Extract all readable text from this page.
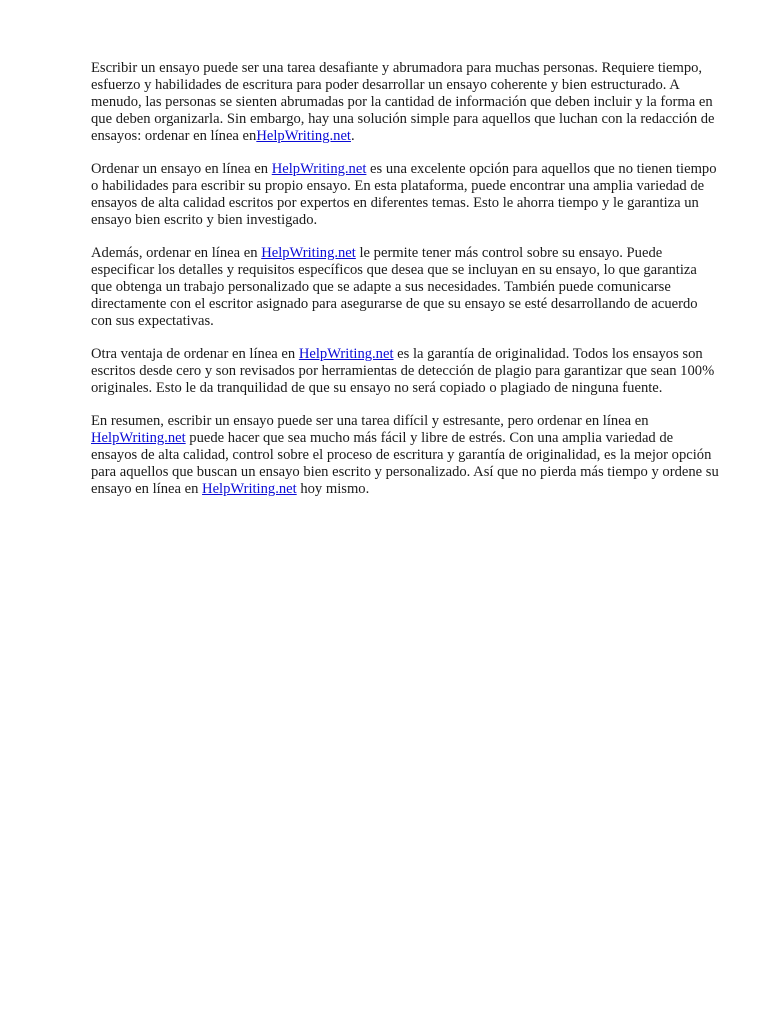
Escribir un ensayo puede ser una tarea desafiante y abrumadora para muchas personas. Requiere tiempo, esfuerzo y habilidades de escritura para poder desarrollar un ensayo coherente y bien estructurado. A menudo, las personas se sienten abrumadas por la cantidad de información que deben incluir y la forma en que deben organizarla. Sin embargo, hay una solución simple para aquellos que luchan con la redacción de ensayos: ordenar en línea enHelpWriting.net.

Ordenar un ensayo en línea en HelpWriting.net es una excelente opción para aquellos que no tienen tiempo o habilidades para escribir su propio ensayo. En esta plataforma, puede encontrar una amplia variedad de ensayos de alta calidad escritos por expertos en diferentes temas. Esto le ahorra tiempo y le garantiza un ensayo bien escrito y bien investigado.

Además, ordenar en línea en HelpWriting.net le permite tener más control sobre su ensayo. Puede especificar los detalles y requisitos específicos que desea que se incluyan en su ensayo, lo que garantiza que obtenga un trabajo personalizado que se adapte a sus necesidades. También puede comunicarse directamente con el escritor asignado para asegurarse de que su ensayo se esté desarrollando de acuerdo con sus expectativas.

Otra ventaja de ordenar en línea en HelpWriting.net es la garantía de originalidad. Todos los ensayos son escritos desde cero y son revisados por herramientas de detección de plagio para garantizar que sean 100% originales. Esto le da tranquilidad de que su ensayo no será copiado o plagiado de ninguna fuente.

En resumen, escribir un ensayo puede ser una tarea difícil y estresante, pero ordenar en línea en HelpWriting.net puede hacer que sea mucho más fácil y libre de estrés. Con una amplia variedad de ensayos de alta calidad, control sobre el proceso de escritura y garantía de originalidad, es la mejor opción para aquellos que buscan un ensayo bien escrito y personalizado. Así que no pierda más tiempo y ordene su ensayo en línea en HelpWriting.net hoy mismo.
